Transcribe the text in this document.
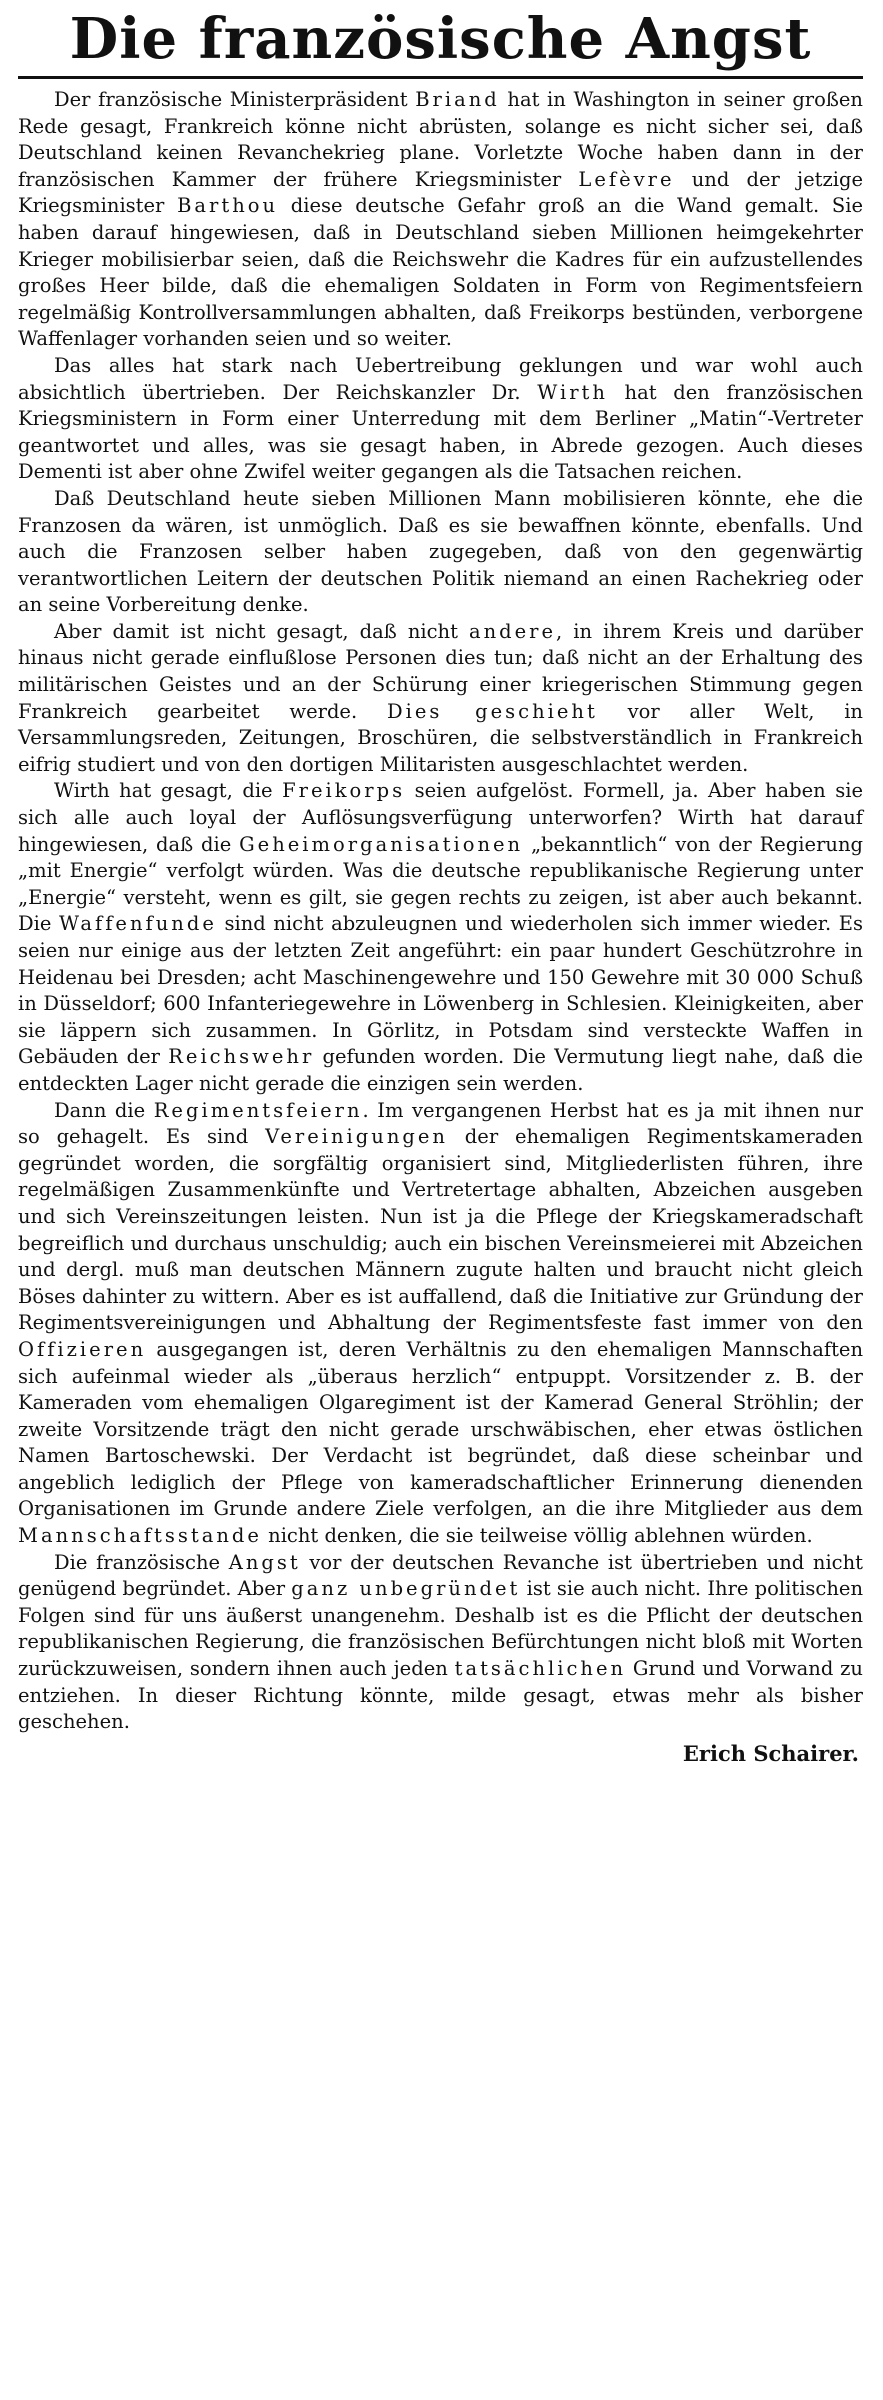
Die französische Angst

Der französische Ministerpräsident Briand hat in Washington in seiner großen Rede gesagt, Frankreich könne nicht abrüsten, solange es nicht sicher sei, daß Deutschland keinen Revanchekrieg plane. Vorletzte Woche haben dann in der französischen Kammer der frühere Kriegsminister Lefèvre und der jetzige Kriegsminister Barthou diese deutsche Gefahr groß an die Wand gemalt. Sie haben darauf hingewiesen, daß in Deutschland sieben Millionen heimgekehrter Krieger mobilisierbar seien, daß die Reichswehr die Kadres für ein aufzustellendes großes Heer bilde, daß die ehemaligen Soldaten in Form von Regimentsfeiern regelmäßig Kontrollversammlungen abhalten, daß Freikorps bestünden, verborgene Waffenlager vorhanden seien und so weiter.

Das alles hat stark nach Uebertreibung geklungen und war wohl auch absichtlich übertrieben. Der Reichskanzler Dr. Wirth hat den französischen Kriegsministern in Form einer Unterredung mit dem Berliner „Matin“-Vertreter geantwortet und alles, was sie gesagt haben, in Abrede gezogen. Auch dieses Dementi ist aber ohne Zwifel weiter gegangen als die Tatsachen reichen.

Daß Deutschland heute sieben Millionen Mann mobilisieren könnte, ehe die Franzosen da wären, ist unmöglich. Daß es sie bewaffnen könnte, ebenfalls. Und auch die Franzosen selber haben zugegeben, daß von den gegenwärtig verantwortlichen Leitern der deutschen Politik niemand an einen Rachekrieg oder an seine Vorbereitung denke.

Aber damit ist nicht gesagt, daß nicht andere, in ihrem Kreis und darüber hinaus nicht gerade einflußlose Personen dies tun; daß nicht an der Erhaltung des militärischen Geistes und an der Schürung einer kriegerischen Stimmung gegen Frankreich gearbeitet werde. Dies geschieht vor aller Welt, in Versammlungsreden, Zeitungen, Broschüren, die selbstverständlich in Frankreich eifrig studiert und von den dortigen Militaristen ausgeschlachtet werden.

Wirth hat gesagt, die Freikorps seien aufgelöst. Formell, ja. Aber haben sie sich alle auch loyal der Auflösungsverfügung unterworfen? Wirth hat darauf hingewiesen, daß die Geheimorganisationen „bekanntlich“ von der Regierung „mit Energie“ verfolgt würden. Was die deutsche republikanische Regierung unter „Energie“ versteht, wenn es gilt, sie gegen rechts zu zeigen, ist aber auch bekannt. Die Waffenfunde sind nicht abzuleugnen und wiederholen sich immer wieder. Es seien nur einige aus der letzten Zeit angeführt: ein paar hundert Geschützrohre in Heidenau bei Dresden; acht Maschinengewehre und 150 Gewehre mit 30 000 Schuß in Düsseldorf; 600 Infanteriegewehre in Löwenberg in Schlesien. Kleinigkeiten, aber sie läppern sich zusammen. In Görlitz, in Potsdam sind versteckte Waffen in Gebäuden der Reichswehr gefunden worden. Die Vermutung liegt nahe, daß die entdeckten Lager nicht gerade die einzigen sein werden.

Dann die Regimentsfeiern. Im vergangenen Herbst hat es ja mit ihnen nur so gehagelt. Es sind Vereinigungen der ehemaligen Regimentskameraden gegründet worden, die sorgfältig organisiert sind, Mitgliederlisten führen, ihre regelmäßigen Zusammenkünfte und Vertretertage abhalten, Abzeichen ausgeben und sich Vereinszeitungen leisten. Nun ist ja die Pflege der Kriegskameradschaft begreiflich und durchaus unschuldig; auch ein bischen Vereinsmeierei mit Abzeichen und dergl. muß man deutschen Männern zugute halten und braucht nicht gleich Böses dahinter zu wittern. Aber es ist auffallend, daß die Initiative zur Gründung der Regimentsvereinigungen und Abhaltung der Regimentsfeste fast immer von den Offizieren ausgegangen ist, deren Verhältnis zu den ehemaligen Mannschaften sich aufeinmal wieder als „überaus herzlich“ entpuppt. Vorsitzender z. B. der Kameraden vom ehemaligen Olgaregiment ist der Kamerad General Ströhlin; der zweite Vorsitzende trägt den nicht gerade urschwäbischen, eher etwas östlichen Namen Bartoschewski. Der Verdacht ist begründet, daß diese scheinbar und angeblich lediglich der Pflege von kameradschaftlicher Erinnerung dienenden Organisationen im Grunde andere Ziele verfolgen, an die ihre Mitglieder aus dem Mannschaftsstande nicht denken, die sie teilweise völlig ablehnen würden.

Die französische Angst vor der deutschen Revanche ist übertrieben und nicht genügend begründet. Aber ganz unbegründet ist sie auch nicht. Ihre politischen Folgen sind für uns äußerst unangenehm. Deshalb ist es die Pflicht der deutschen republikanischen Regierung, die französischen Befürchtungen nicht bloß mit Worten zurückzuweisen, sondern ihnen auch jeden tatsächlichen Grund und Vorwand zu entziehen. In dieser Richtung könnte, milde gesagt, etwas mehr als bisher geschehen.

Erich Schairer.
